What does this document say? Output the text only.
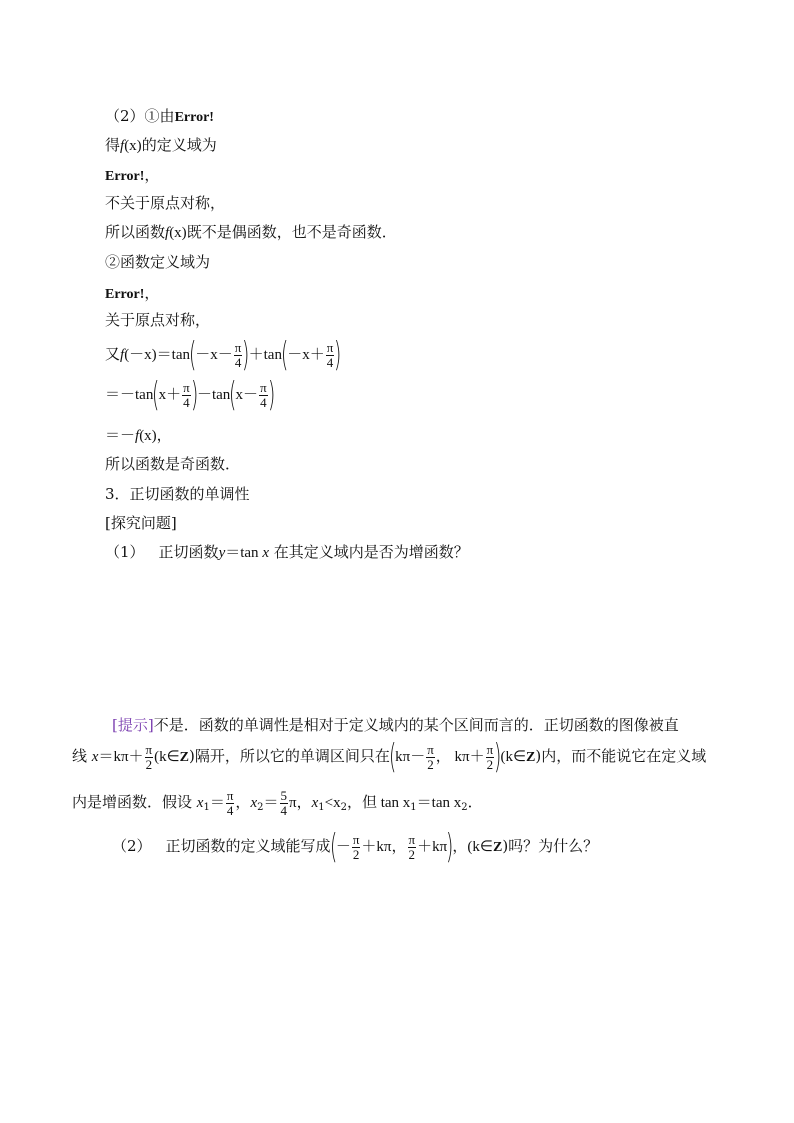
（2）①由Error!
得f(x)的定义域为
Error!，
不关于原点对称，
所以函数f(x)既不是偶函数，也不是奇函数．
②函数定义域为
Error!，
关于原点对称，
又$f(-x)=\tan(-x- \frac{\pi}{4} )+\tan(-x+ \frac{\pi}{4}$ )
$=-\tan(x+ \frac{\pi}{4} )-\tan(x- \frac{\pi}{4}$ )
＝－f(x)，
所以函数是奇函数．
3．正切函数的单调性
[探究问题]
（1） 正切函数y＝tan x 在其定义域内是否为增函数？
[提示]不是．函数的单调性是相对于定义域内的某个区间而言的．正切函数的图像被直
线 $x=k\pi+ \frac{\pi}{2}$ (k∈Z)隔开，所以它的单调区间只在($k\pi- \frac{\pi}{2}$ ， $k\pi+ \frac{\pi}{2}$ )(k∈Z)内，而不能说它在定义域
内是增函数．假设 $x_1= \frac{\pi}{4}$ ，$x_2= \frac{5}{4}$ π，$x_1<x_2$，但 $\tan x_1=\tan$ $x_2$．
（2） 正切函数的定义域能写成(－ $\frac{\pi}{2} +k\pi$， $\frac{\pi}{2} +k\pi$)，(k∈Z)吗？为什么？
